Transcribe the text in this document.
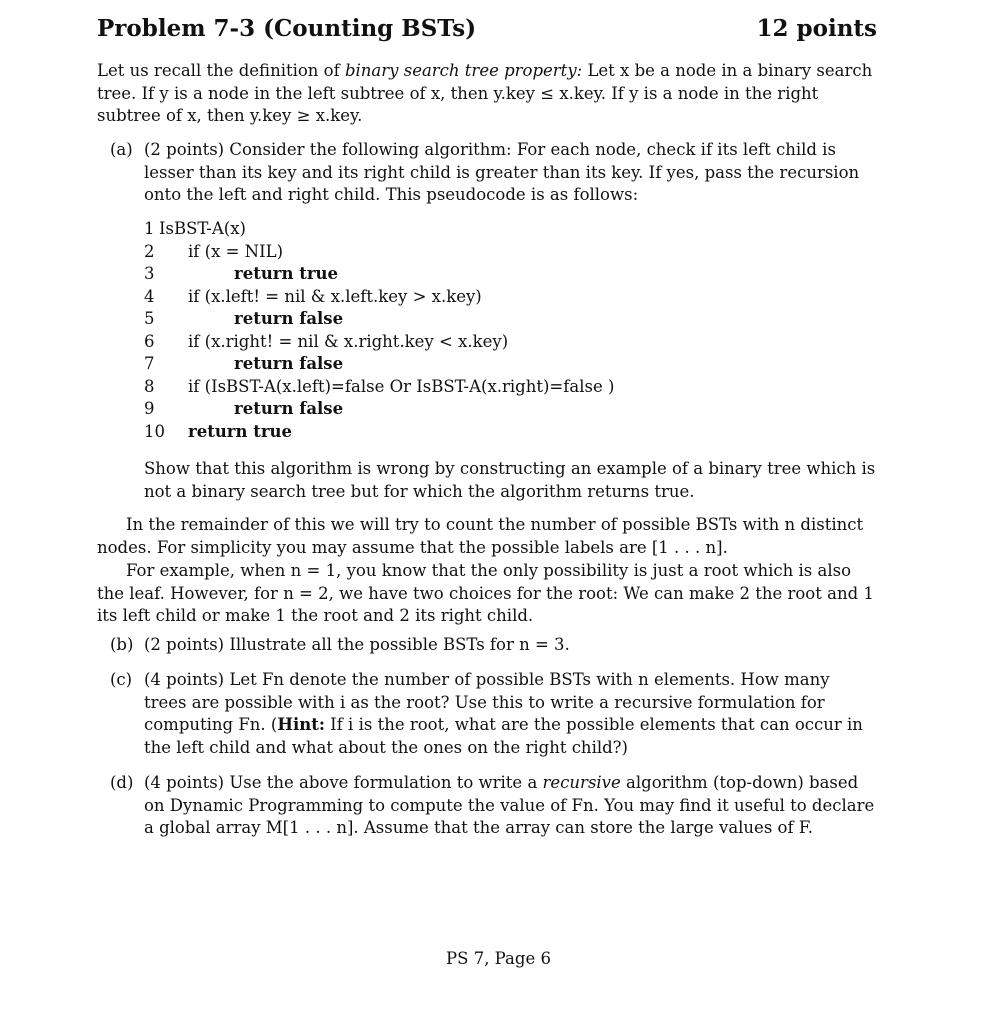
Problem 7-3 (Counting BSTs)	12 points
Let us recall the definition of binary search tree property: Let x be a node in a binary search tree. If y is a node in the left subtree of x, then y.key ≤ x.key. If y is a node in the right subtree of x, then y.key ≥ x.key.
(a) (2 points) Consider the following algorithm: For each node, check if its left child is lesser than its key and its right child is greater than its key. If yes, pass the recursion onto the left and right child. This pseudocode is as follows:
1 IsBST-A(x)
2	if (x = NIL)
3	return true
4	if (x.left! = nil & x.left.key > x.key)
5	return false
6	if (x.right! = nil & x.right.key < x.key)
7	return false
8	if (IsBST-A(x.left)=false Or IsBST-A(x.right)=false )
9	return false
10 return true
Show that this algorithm is wrong by constructing an example of a binary tree which is not a binary search tree but for which the algorithm returns true.
In the remainder of this we will try to count the number of possible BSTs with n distinct nodes. For simplicity you may assume that the possible labels are [1 . . . n].
For example, when n = 1, you know that the only possibility is just a root which is also the leaf. However, for n = 2, we have two choices for the root: We can make 2 the root and 1 its left child or make 1 the root and 2 its right child.
(b) (2 points) Illustrate all the possible BSTs for n = 3.
(c) (4 points) Let Fn denote the number of possible BSTs with n elements. How many trees are possible with i as the root? Use this to write a recursive formulation for computing Fn. (Hint: If i is the root, what are the possible elements that can occur in the left child and what about the ones on the right child?)
(d) (4 points) Use the above formulation to write a recursive algorithm (top-down) based on Dynamic Programming to compute the value of Fn. You may find it useful to declare a global array M[1 . . . n]. Assume that the array can store the large values of F.
PS 7, Page 6
